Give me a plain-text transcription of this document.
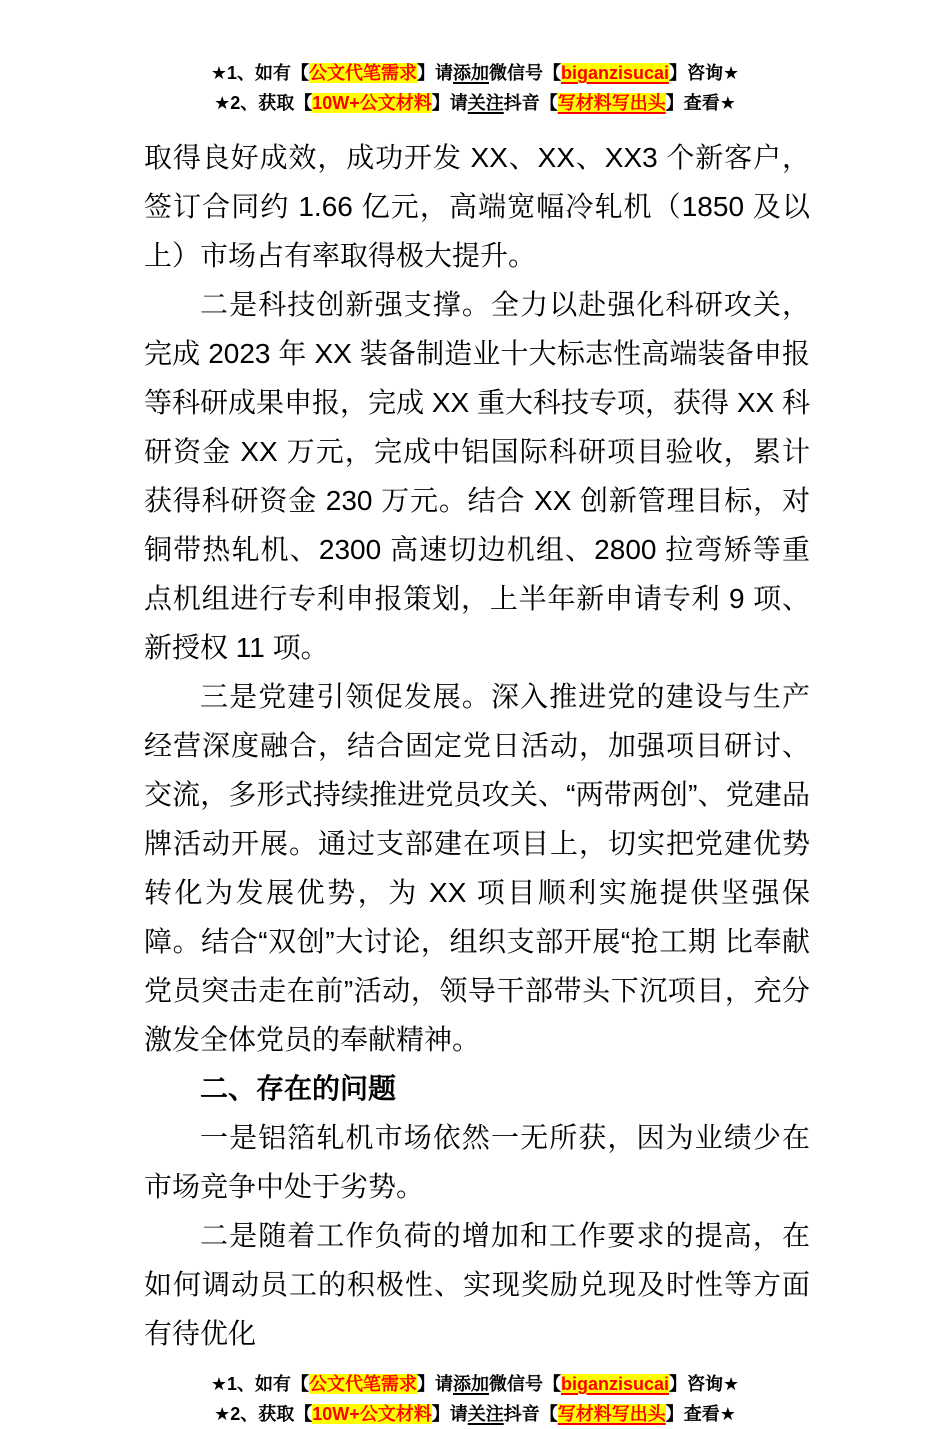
★1、如有【公文代笔需求】请添加微信号【biganzisucai】咨询★
★2、获取【10W+公文材料】请关注抖音【写材料写出头】查看★

取得良好成效，成功开发 XX、XX、XX3 个新客户，签订合同约 1.66 亿元，高端宽幅冷轧机（1850 及以上）市场占有率取得极大提升。

二是科技创新强支撑。全力以赴强化科研攻关，完成 2023 年 XX 装备制造业十大标志性高端装备申报等科研成果申报，完成 XX 重大科技专项，获得 XX 科研资金 XX 万元，完成中铝国际科研项目验收，累计获得科研资金 230 万元。结合 XX 创新管理目标，对铜带热轧机、2300 高速切边机组、2800 拉弯矫等重点机组进行专利申报策划，上半年新申请专利 9 项、新授权 11 项。

三是党建引领促发展。深入推进党的建设与生产经营深度融合，结合固定党日活动，加强项目研讨、交流，多形式持续推进党员攻关、“两带两创”、党建品牌活动开展。通过支部建在项目上，切实把党建优势转化为发展优势，为 XX 项目顺利实施提供坚强保障。结合“双创”大讨论，组织支部开展“抢工期 比奉献 党员突击走在前”活动，领导干部带头下沉项目，充分激发全体党员的奉献精神。

二、存在的问题

一是铝箔轧机市场依然一无所获，因为业绩少在市场竞争中处于劣势。

二是随着工作负荷的增加和工作要求的提高，在如何调动员工的积极性、实现奖励兑现及时性等方面有待优化

★1、如有【公文代笔需求】请添加微信号【biganzisucai】咨询★
★2、获取【10W+公文材料】请关注抖音【写材料写出头】查看★
